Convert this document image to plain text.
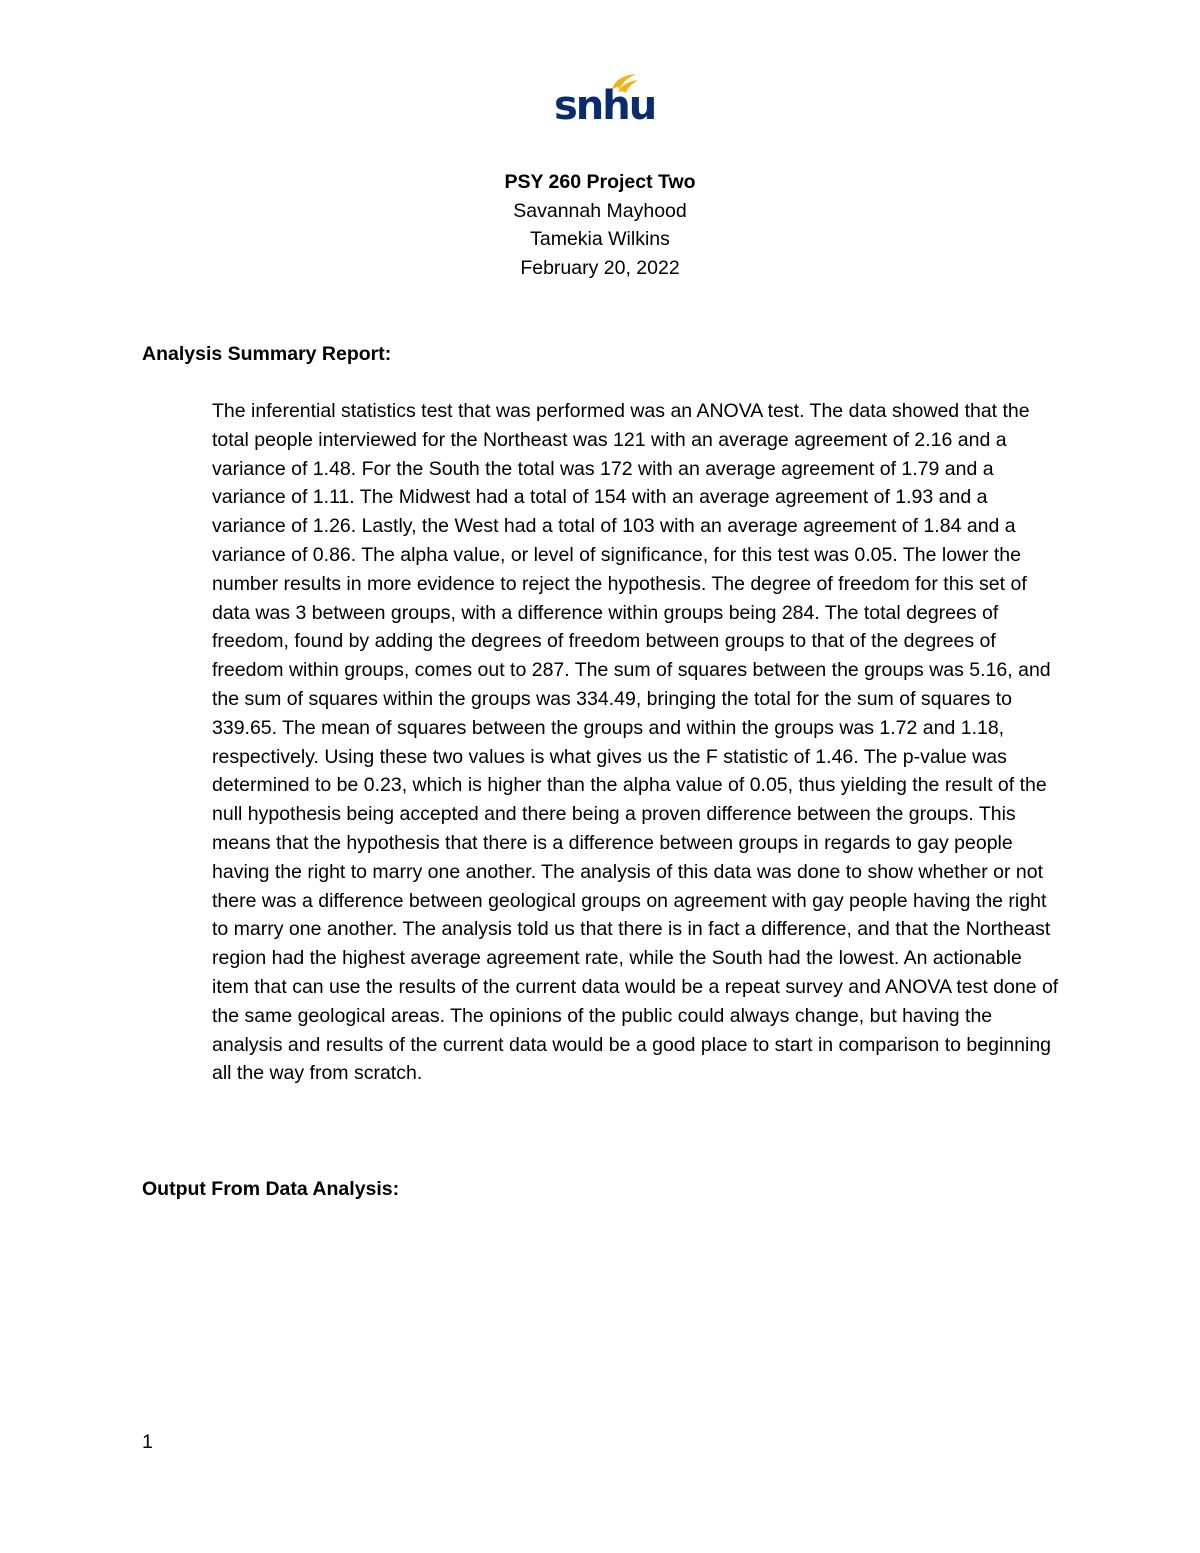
snhu
PSY 260 Project Two
Savannah Mayhood
Tamekia Wilkins
February 20, 2022
Analysis Summary Report:
The inferential statistics test that was performed was an ANOVA test. The data showed that the total people interviewed for the Northeast was 121 with an average agreement of 2.16 and a variance of 1.48. For the South the total was 172 with an average agreement of 1.79 and a variance of 1.11. The Midwest had a total of 154 with an average agreement of 1.93 and a variance of 1.26. Lastly, the West had a total of 103 with an average agreement of 1.84 and a variance of 0.86. The alpha value, or level of significance, for this test was 0.05. The lower the number results in more evidence to reject the hypothesis. The degree of freedom for this set of data was 3 between groups, with a difference within groups being 284. The total degrees of freedom, found by adding the degrees of freedom between groups to that of the degrees of freedom within groups, comes out to 287. The sum of squares between the groups was 5.16, and the sum of squares within the groups was 334.49, bringing the total for the sum of squares to 339.65. The mean of squares between the groups and within the groups was 1.72 and 1.18, respectively. Using these two values is what gives us the F statistic of 1.46. The p-value was determined to be 0.23, which is higher than the alpha value of 0.05, thus yielding the result of the null hypothesis being accepted and there being a proven difference between the groups. This means that the hypothesis that there is a difference between groups in regards to gay people having the right to marry one another. The analysis of this data was done to show whether or not there was a difference between geological groups on agreement with gay people having the right to marry one another. The analysis told us that there is in fact a difference, and that the Northeast region had the highest average agreement rate, while the South had the lowest. An actionable item that can use the results of the current data would be a repeat survey and ANOVA test done of the same geological areas. The opinions of the public could always change, but having the analysis and results of the current data would be a good place to start in comparison to beginning all the way from scratch.
Output From Data Analysis:
1
